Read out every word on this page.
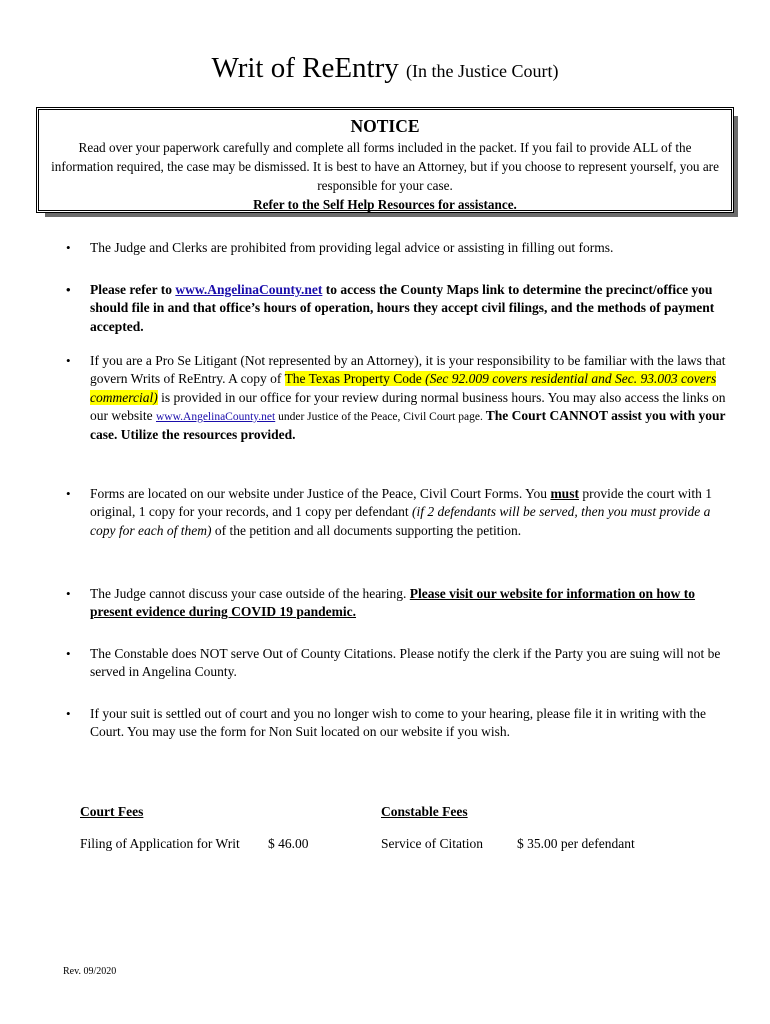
Writ of ReEntry (In the Justice Court)
NOTICE
Read over your paperwork carefully and complete all forms included in the packet. If you fail to provide ALL of the information required, the case may be dismissed. It is best to have an Attorney, but if you choose to represent yourself, you are responsible for your case.
Refer to the Self Help Resources for assistance.
• The Judge and Clerks are prohibited from providing legal advice or assisting in filling out forms.
• Please refer to www.AngelinaCounty.net to access the County Maps link to determine the precinct/office you should file in and that office’s hours of operation, hours they accept civil filings, and the methods of payment accepted.
• If you are a Pro Se Litigant (Not represented by an Attorney), it is your responsibility to be familiar with the laws that govern Writs of ReEntry. A copy of The Texas Property Code (Sec 92.009 covers residential and Sec. 93.003 covers commercial) is provided in our office for your review during normal business hours. You may also access the links on our website www.AngelinaCounty.net under Justice of the Peace, Civil Court page. The Court CANNOT assist you with your case. Utilize the resources provided.
• Forms are located on our website under Justice of the Peace, Civil Court Forms. You must provide the court with 1 original, 1 copy for your records, and 1 copy per defendant (if 2 defendants will be served, then you must provide a copy for each of them) of the petition and all documents supporting the petition.
• The Judge cannot discuss your case outside of the hearing. Please visit our website for information on how to present evidence during COVID 19 pandemic.
• The Constable does NOT serve Out of County Citations. Please notify the clerk if the Party you are suing will not be served in Angelina County.
• If your suit is settled out of court and you no longer wish to come to your hearing, please file it in writing with the Court. You may use the form for Non Suit located on our website if you wish.
Court Fees
Filing of Application for Writ	$ 46.00
Constable Fees
Service of Citation	$ 35.00 per defendant
Rev. 09/2020
